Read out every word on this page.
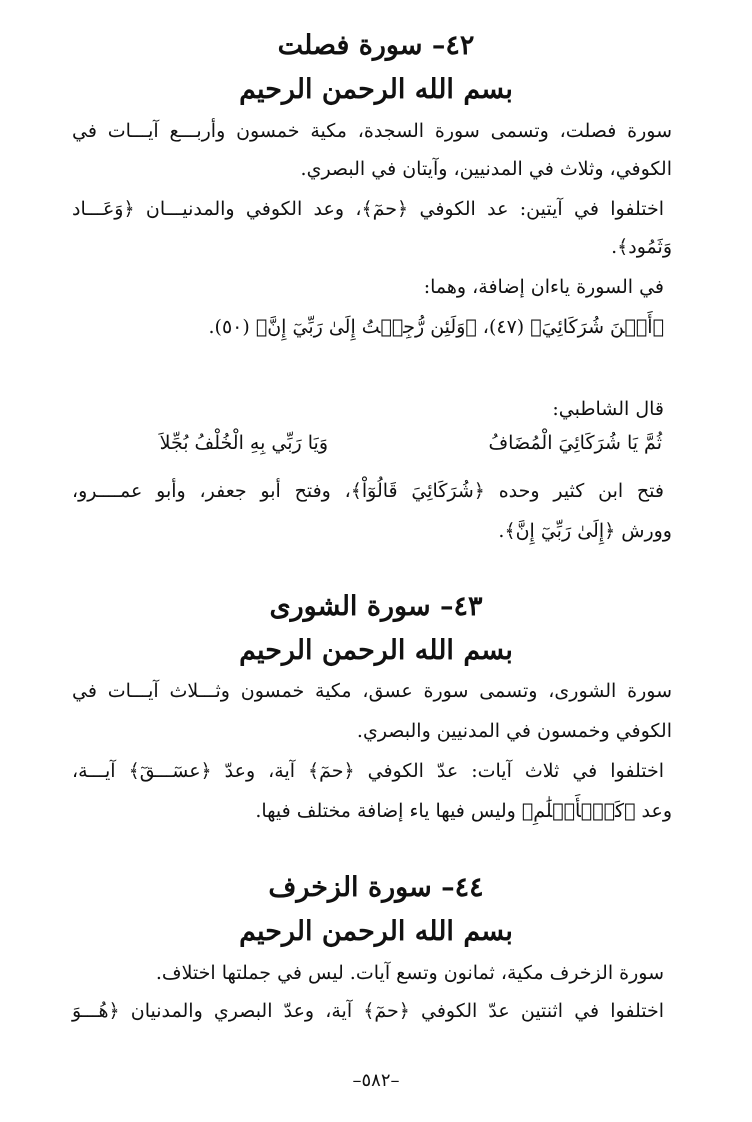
٤٢– سورة فصلت
بسم الله الرحمن الرحيم
سورة فصلت، وتسمى سورة السجدة، مكية خمسون وأربـــع آيـــات في
الكوفي، وثلاث في المدنيين، وآيتان في البصري.
اختلفوا في آيتين: عد الكوفي ﴿حمٓ﴾، وعد الكوفي والمدنيـــان ﴿وَعَـــاد
وَثَمُود﴾.
في السورة ياءان إضافة، وهما:
﴿أَيۡنَ شُرَكَائِيَ﴾ (٤٧)، ﴿وَلَئِن رُّجِعۡتُ إِلَىٰ رَبِّيٓ إِنَّ﴾ (٥٠).
قال الشاطبي:
ثُمَّ يَا شُرَكَائِيَ الْمُضَافُ
وَيَا رَبِّي بِهِ الْخُلْفُ بُجِّلاَ
فتح ابن كثير وحده ﴿شُرَكَائِيَ قَالُوٓاْ﴾، وفتح أبو جعفر، وأبو عمــــرو،
وورش ﴿إِلَىٰ رَبِّيٓ إِنَّ﴾.
٤٣– سورة الشورى
بسم الله الرحمن الرحيم
سورة الشورى، وتسمى سورة عسق، مكية خمسون وثـــلاث آيـــات في
الكوفي وخمسون في المدنيين والبصري.
اختلفوا في ثلاث آيات: عدّ الكوفي ﴿حمٓ﴾ آية، وعدّ ﴿عسٓـــقٓ﴾ آيـــة،
وعد ﴿كَٱلۡأَعۡلَٰمِ﴾ وليس فيها ياء إضافة مختلف فيها.
٤٤– سورة الزخرف
بسم الله الرحمن الرحيم
سورة الزخرف مكية، ثمانون وتسع آيات. ليس في جملتها اختلاف.
اختلفوا في اثنتين عدّ الكوفي ﴿حمٓ﴾ آية، وعدّ البصري والمدنيان ﴿هُـــوَ
–٥٨٢–
